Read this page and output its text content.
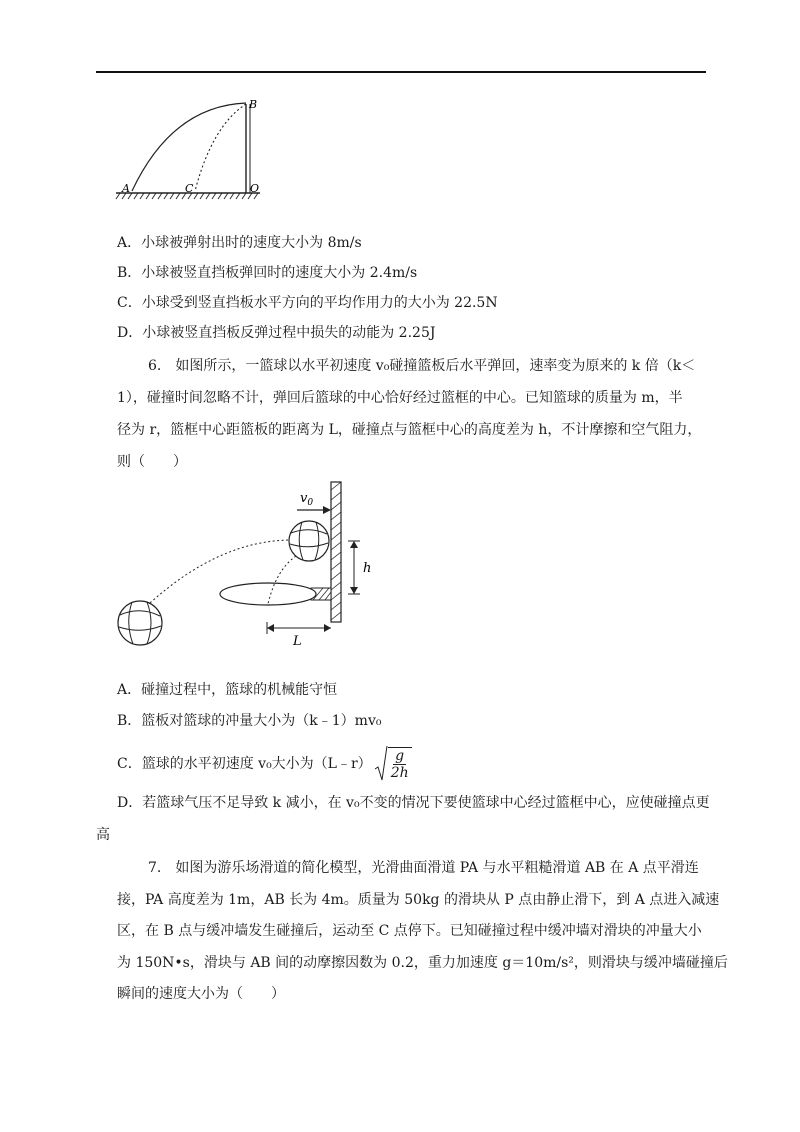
A	C	O
B
A．小球被弹射出时的速度大小为 8m/s
B．小球被竖直挡板弹回时的速度大小为 2.4m/s
C．小球受到竖直挡板水平方向的平均作用力的大小为 22.5N
D．小球被竖直挡板反弹过程中损失的动能为 2.25J
6.　如图所示，一篮球以水平初速度 v₀碰撞篮板后水平弹回，速率变为原来的 k 倍（k＜
1），碰撞时间忽略不计，弹回后篮球的中心恰好经过篮框的中心。已知篮球的质量为 m，半
径为 r，篮框中心距篮板的距离为 L，碰撞点与篮框中心的高度差为 h，不计摩擦和空气阻力，
则（　　）
$v_0$
h
L
A．碰撞过程中，篮球的机械能守恒
B．篮板对篮球的冲量大小为（k﹣1）mv₀
C．篮球的水平初速度 v₀大小为（L﹣r） $\frac{g}{2h}$
D．若篮球气压不足导致 k 减小，在 v₀不变的情况下要使篮球中心经过篮框中心，应使碰撞点更
高
7.　如图为游乐场滑道的简化模型，光滑曲面滑道 PA 与水平粗糙滑道 AB 在 A 点平滑连
接，PA 高度差为 1m，AB 长为 4m。质量为 50kg 的滑块从 P 点由静止滑下，到 A 点进入减速
区，在 B 点与缓冲墙发生碰撞后，运动至 C 点停下。已知碰撞过程中缓冲墙对滑块的冲量大小
为 150N•s，滑块与 AB 间的动摩擦因数为 0.2，重力加速度 g＝10m/s²，则滑块与缓冲墙碰撞后
瞬间的速度大小为（　　）
